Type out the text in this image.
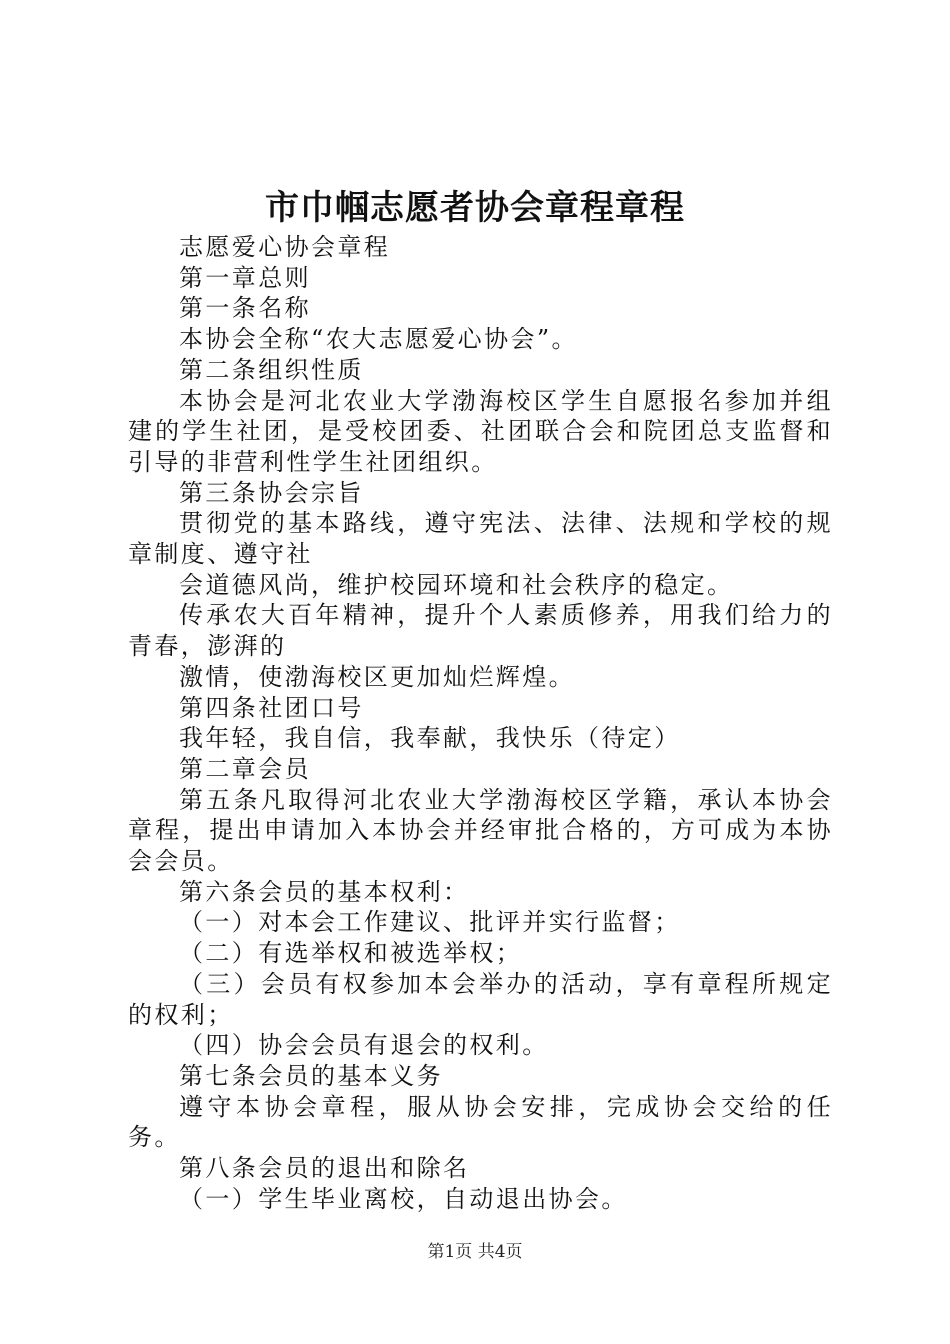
市巾帼志愿者协会章程章程

志愿爱心协会章程

第一章总则

第一条名称

本协会全称“农大志愿爱心协会”。

第二条组织性质

本协会是河北农业大学渤海校区学生自愿报名参加并组建的学生社团，是受校团委、社团联合会和院团总支监督和引导的非营利性学生社团组织。

第三条协会宗旨

贯彻党的基本路线，遵守宪法、法律、法规和学校的规章制度、遵守社

会道德风尚，维护校园环境和社会秩序的稳定。

传承农大百年精神，提升个人素质修养，用我们给力的青春，澎湃的

激情，使渤海校区更加灿烂辉煌。

第四条社团口号

我年轻，我自信，我奉献，我快乐（待定）

第二章会员

第五条凡取得河北农业大学渤海校区学籍，承认本协会章程，提出申请加入本协会并经审批合格的，方可成为本协会会员。

第六条会员的基本权利：

（一）对本会工作建议、批评并实行监督；

（二）有选举权和被选举权；

（三）会员有权参加本会举办的活动，享有章程所规定的权利；

（四）协会会员有退会的权利。

第七条会员的基本义务

遵守本协会章程，服从协会安排，完成协会交给的任务。

第八条会员的退出和除名

（一）学生毕业离校，自动退出协会。

第1页 共4页
